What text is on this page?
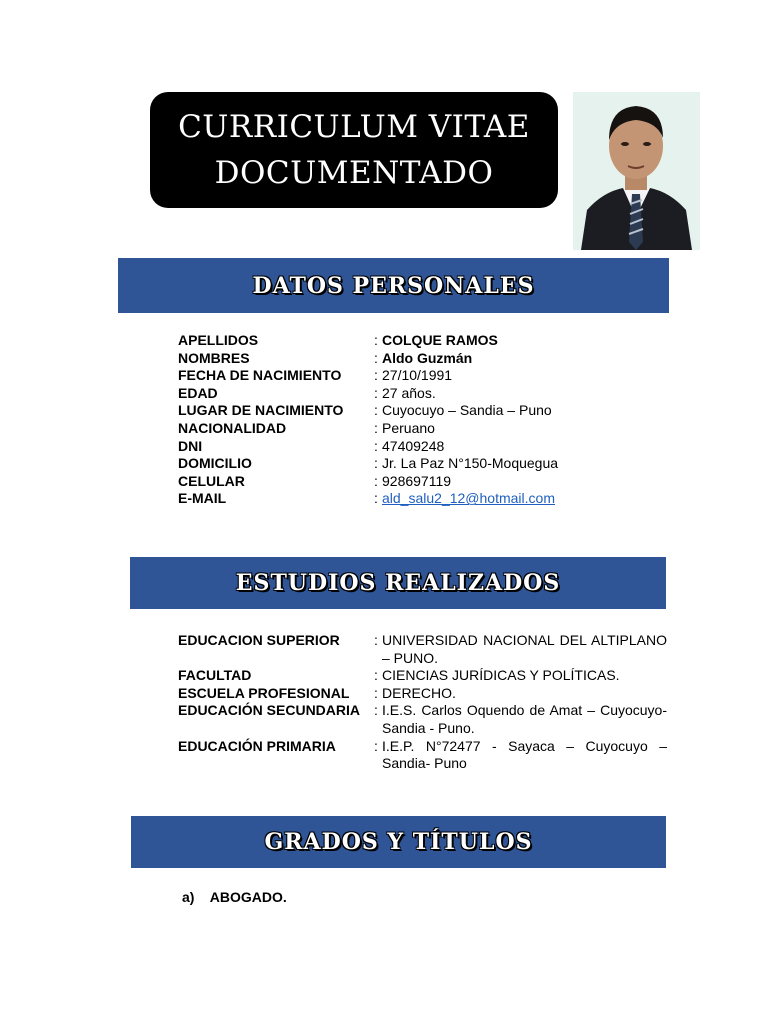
CURRICULUM VITAE
DOCUMENTADO
DATOS PERSONALES
APELLIDOS	: COLQUE RAMOS
NOMBRES	: Aldo Guzmán
FECHA DE NACIMIENTO	: 27/10/1991
EDAD	: 27 años.
LUGAR DE NACIMIENTO	: Cuyocuyo – Sandia – Puno
NACIONALIDAD	: Peruano
DNI	: 47409248
DOMICILIO	: Jr. La Paz N°150-Moquegua
CELULAR	: 928697119
E-MAIL	: ald_salu2_12@hotmail.com
ESTUDIOS REALIZADOS
EDUCACION SUPERIOR	: UNIVERSIDAD NACIONAL DEL ALTIPLANO – PUNO.
FACULTAD	: CIENCIAS JURÍDICAS Y POLÍTICAS.
ESCUELA PROFESIONAL	: DERECHO.
EDUCACIÓN SECUNDARIA : I.E.S. Carlos Oquendo de Amat – Cuyocuyo- Sandia - Puno.
EDUCACIÓN PRIMARIA	: I.E.P. N°72477 - Sayaca – Cuyocuyo – Sandia- Puno
GRADOS Y TÍTULOS
a) ABOGADO.
